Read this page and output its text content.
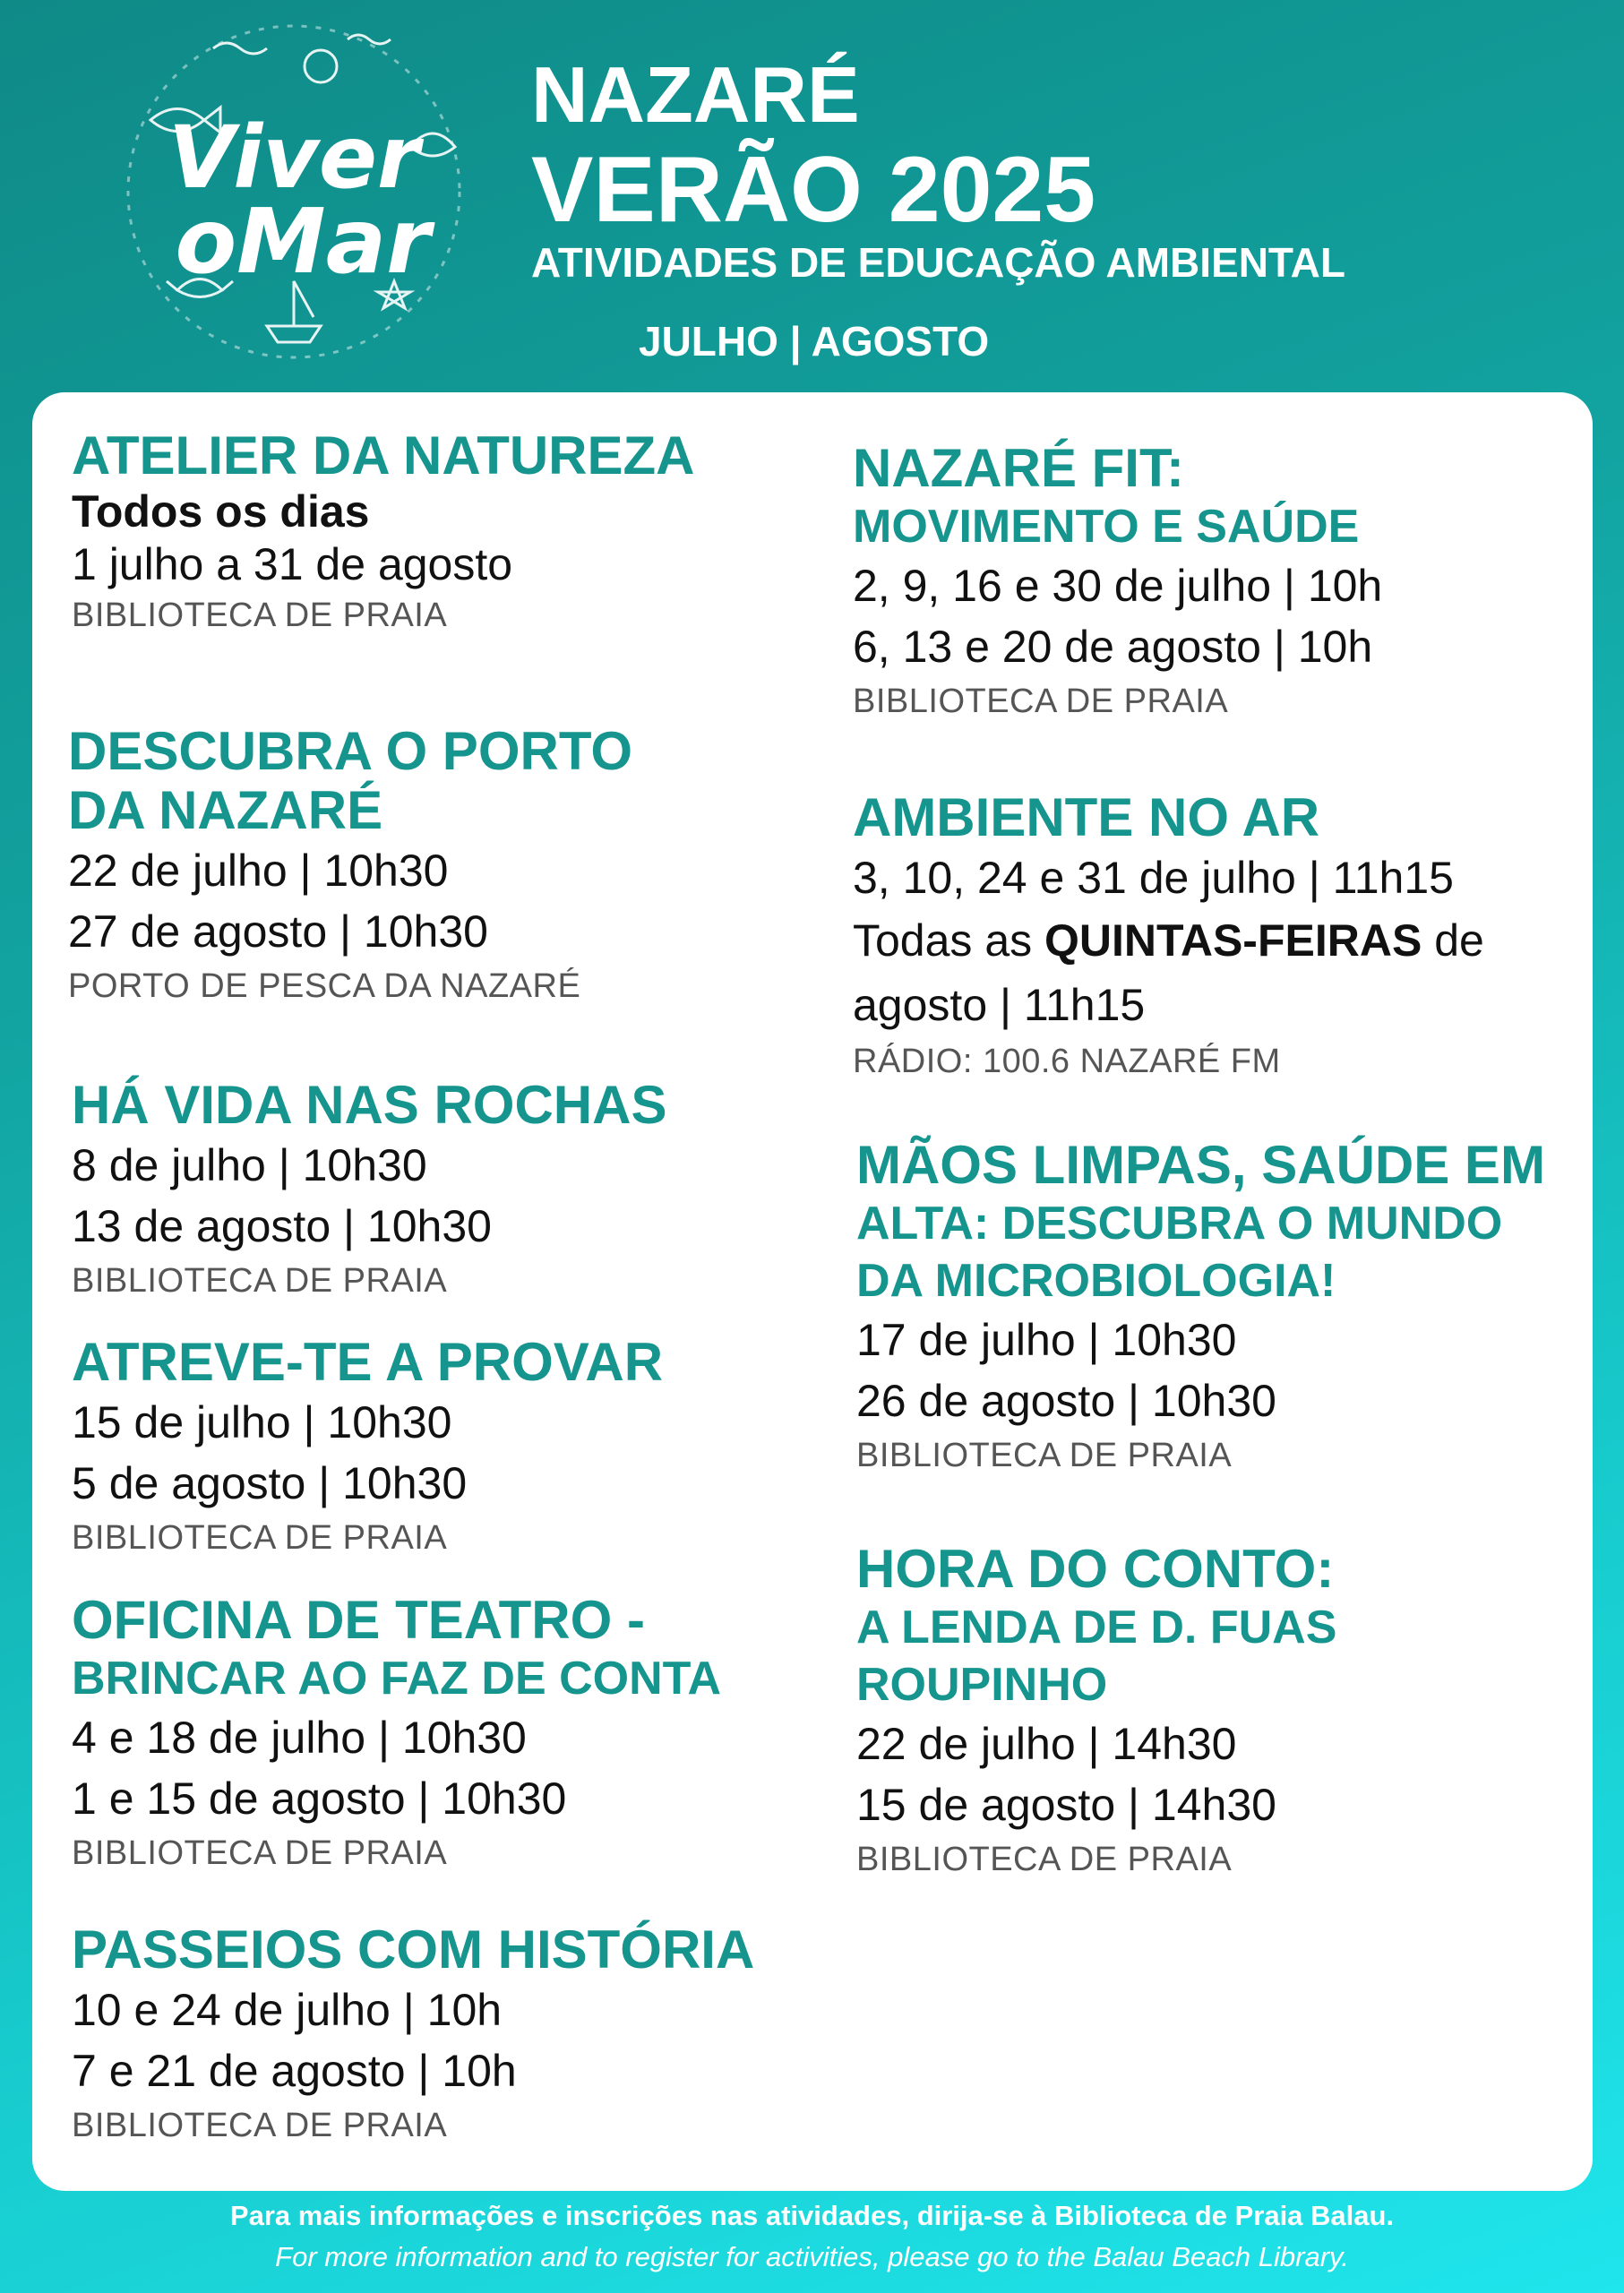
Viver
oMar
NAZARÉ
VERÃO 2025
ATIVIDADES DE EDUCAÇÃO AMBIENTAL
JULHO | AGOSTO
ATELIER DA NATUREZA

Todos os dias

1 julho a 31 de agosto

BIBLIOTECA DE PRAIA

DESCUBRA O PORTO
DA NAZARÉ

22 de julho | 10h30

27 de agosto | 10h30

PORTO DE PESCA DA NAZARÉ

HÁ VIDA NAS ROCHAS

8 de julho | 10h30

13 de agosto | 10h30

BIBLIOTECA DE PRAIA

ATREVE-TE A PROVAR

15 de julho | 10h30

5 de agosto | 10h30

BIBLIOTECA DE PRAIA

OFICINA DE TEATRO -
BRINCAR AO FAZ DE CONTA

4 e 18 de julho | 10h30

1 e 15 de agosto | 10h30

BIBLIOTECA DE PRAIA

PASSEIOS COM HISTÓRIA

10 e 24 de julho | 10h

7 e 21 de agosto | 10h

BIBLIOTECA DE PRAIA

NAZARÉ FIT:
MOVIMENTO E SAÚDE

2, 9, 16 e 30 de julho | 10h

6, 13 e 20 de agosto | 10h

BIBLIOTECA DE PRAIA

AMBIENTE NO AR

3, 10, 24 e 31 de julho | 11h15

Todas as QUINTAS-FEIRAS de agosto | 11h15

RÁDIO: 100.6 NAZARÉ FM

MÃOS LIMPAS, SAÚDE EM
ALTA: DESCUBRA O MUNDO
DA MICROBIOLOGIA!

17 de julho | 10h30

26 de agosto | 10h30

BIBLIOTECA DE PRAIA

HORA DO CONTO:
A LENDA DE D. FUAS
ROUPINHO

22 de julho | 14h30

15 de agosto | 14h30

BIBLIOTECA DE PRAIA

Para mais informações e inscrições nas atividades, dirija-se à Biblioteca de Praia Balau.
For more information and to register for activities, please go to the Balau Beach Library.
